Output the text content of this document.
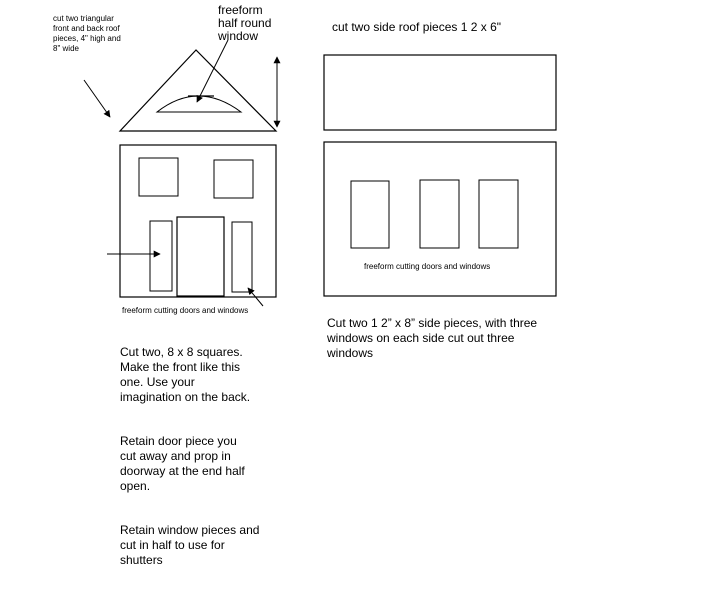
cut two triangular
front and back roof
pieces, 4" high and
8" wide
freeform
half round
window
cut two side roof pieces 1 2 x 6"
freeform cutting doors and windows
freeform cutting doors and windows

Cut two, 8 x 8 squares.
Make the front like this
one. Use your
imagination on the back.

Retain door piece you
cut away and prop in
doorway at the end half
open.

Retain window pieces and
cut in half to use for
shutters

Cut two 1 2” x 8” side pieces, with three
windows on each side cut out three
windows
